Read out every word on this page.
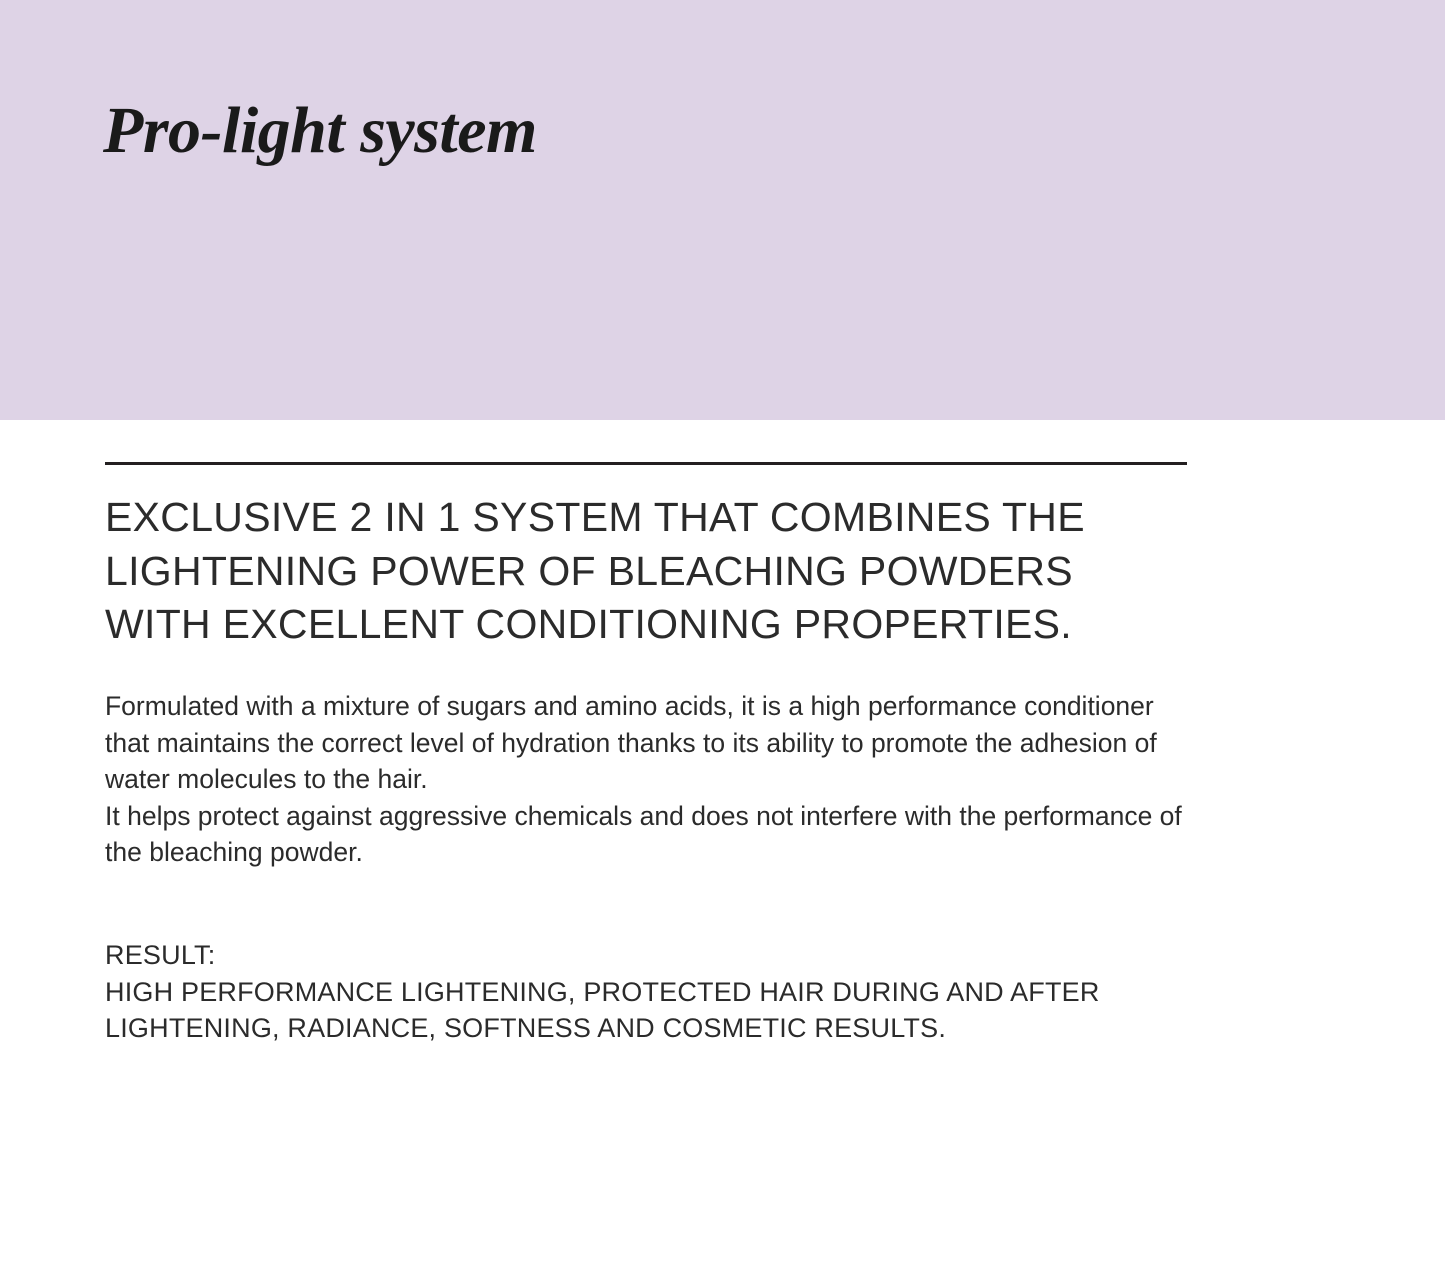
Pro-light system
EXCLUSIVE 2 IN 1 SYSTEM THAT COMBINES THE LIGHTENING POWER OF BLEACHING POWDERS WITH EXCELLENT CONDITIONING PROPERTIES.

Formulated with a mixture of sugars and amino acids, it is a high performance conditioner that maintains the correct level of hydration thanks to its ability to promote the adhesion of water molecules to the hair.

It helps protect against aggressive chemicals and does not interfere with the performance of the bleaching powder.

RESULT:

HIGH PERFORMANCE LIGHTENING, PROTECTED HAIR DURING AND AFTER

LIGHTENING, RADIANCE, SOFTNESS AND COSMETIC RESULTS.
